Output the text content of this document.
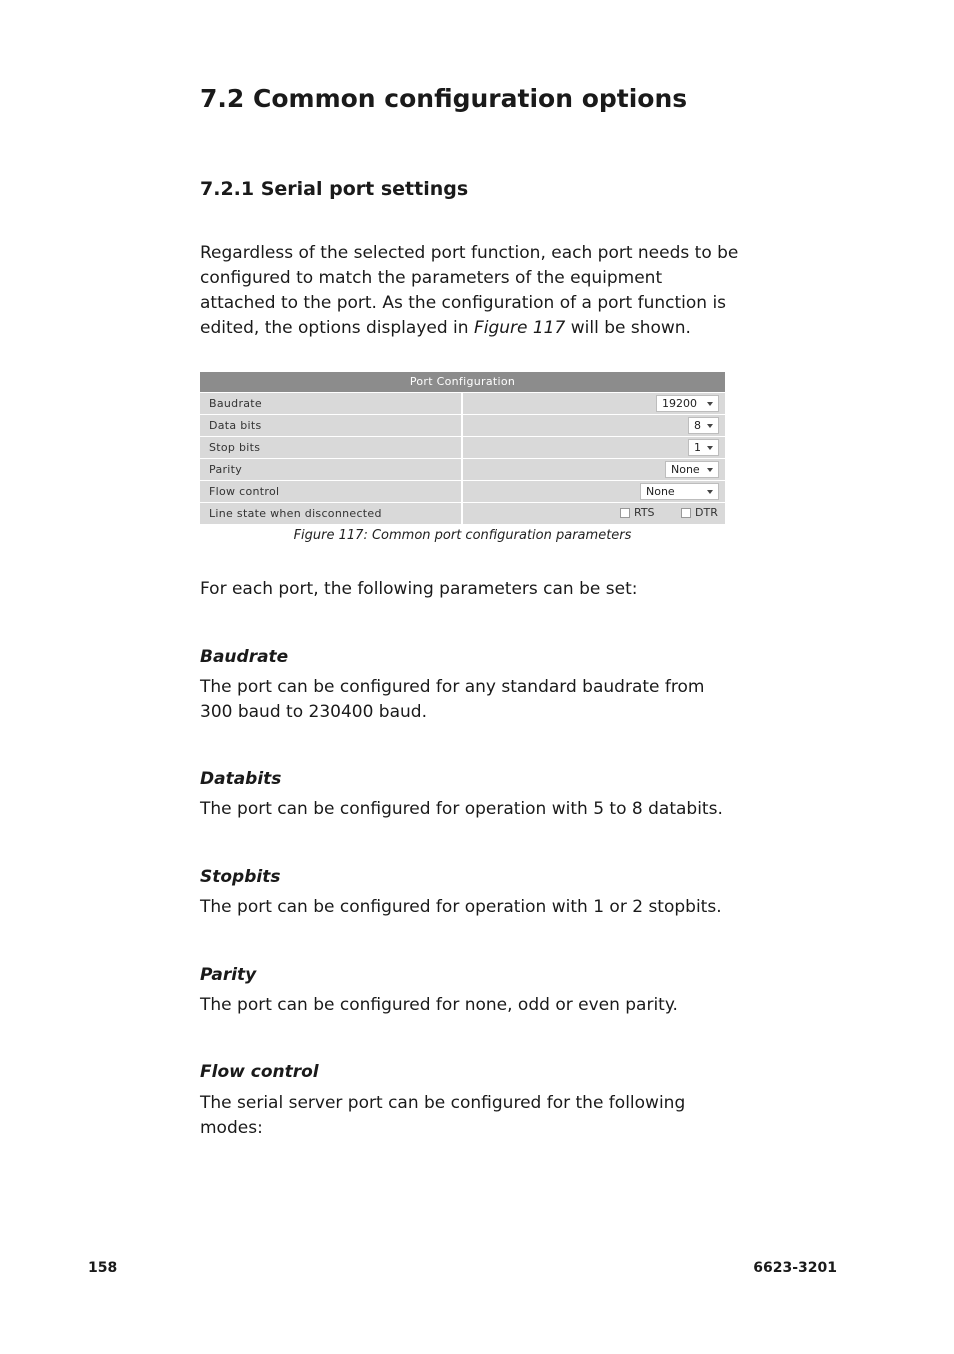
7.2 Common configuration options
7.2.1 Serial port settings

Regardless of the selected port function, each port needs to be configured to match the parameters of the equipment attached to the port. As the configuration of a port function is edited, the options displayed in Figure 117 will be shown.

Port Configuration
Baudrate	19200
Data bits	8
Stop bits	1
Parity	None
Flow control	None
Line state when disconnected	RTS	DTR
Figure 117: Common port configuration parameters

For each port, the following parameters can be set:

Baudrate

The port can be configured for any standard baudrate from 300 baud to 230400 baud.

Databits

The port can be configured for operation with 5 to 8 databits.

Stopbits

The port can be configured for operation with 1 or 2 stopbits.

Parity

The port can be configured for none, odd or even parity.

Flow control

The serial server port can be configured for the following modes:

158	6623-3201
